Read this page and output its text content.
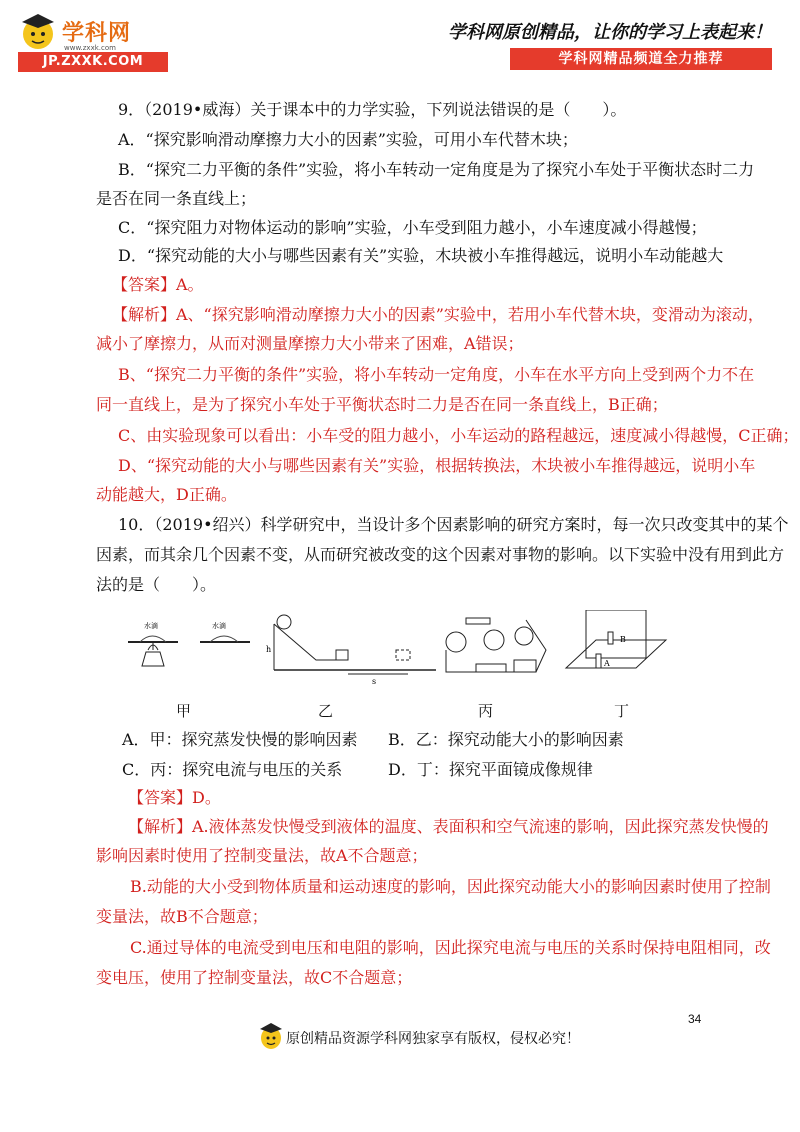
学科网
www.zxxk.com
JP.ZXXK.COM
学科网原创精品，让你的学习上表起来！
学科网精品频道全力推荐
9．（2019•威海）关于课本中的力学实验，下列说法错误的是（　　）。
A．“探究影响滑动摩擦力大小的因素”实验，可用小车代替木块；
B．“探究二力平衡的条件”实验，将小车转动一定角度是为了探究小车处于平衡状态时二力
是否在同一条直线上；
C．“探究阻力对物体运动的影响”实验，小车受到阻力越小，小车速度减小得越慢；
D．“探究动能的大小与哪些因素有关”实验，木块被小车推得越远，说明小车动能越大
【答案】A。
【解析】A、“探究影响滑动摩擦力大小的因素”实验中，若用小车代替木块，变滑动为滚动，
减小了摩擦力，从而对测量摩擦力大小带来了困难，A错误；
B、“探究二力平衡的条件”实验，将小车转动一定角度，小车在水平方向上受到两个力不在
同一直线上，是为了探究小车处于平衡状态时二力是否在同一条直线上，B正确；
C、由实验现象可以看出：小车受的阻力越小，小车运动的路程越远，速度减小得越慢，C正确；
D、“探究动能的大小与哪些因素有关”实验，根据转换法，木块被小车推得越远，说明小车
动能越大，D正确。
10．（2019•绍兴）科学研究中，当设计多个因素影响的研究方案时，每一次只改变其中的某个
因素，而其余几个因素不变，从而研究被改变的这个因素对事物的影响。以下实验中没有用到此方
法的是（　　）。
水滴	水滴
h
s
B
A
甲	乙	丙	丁
A．甲：探究蒸发快慢的影响因素 B．乙：探究动能大小的影响因素
C．丙：探究电流与电压的关系	D．丁：探究平面镜成像规律
【答案】D。
【解析】A.液体蒸发快慢受到液体的温度、表面积和空气流速的影响，因此探究蒸发快慢的
影响因素时使用了控制变量法，故A不合题意；
B.动能的大小受到物体质量和运动速度的影响，因此探究动能大小的影响因素时使用了控制
变量法，故B不合题意；
C.通过导体的电流受到电压和电阻的影响，因此探究电流与电压的关系时保持电阻相同，改
变电压，使用了控制变量法，故C不合题意；
34
原创精品资源学科网独家享有版权，侵权必究！
